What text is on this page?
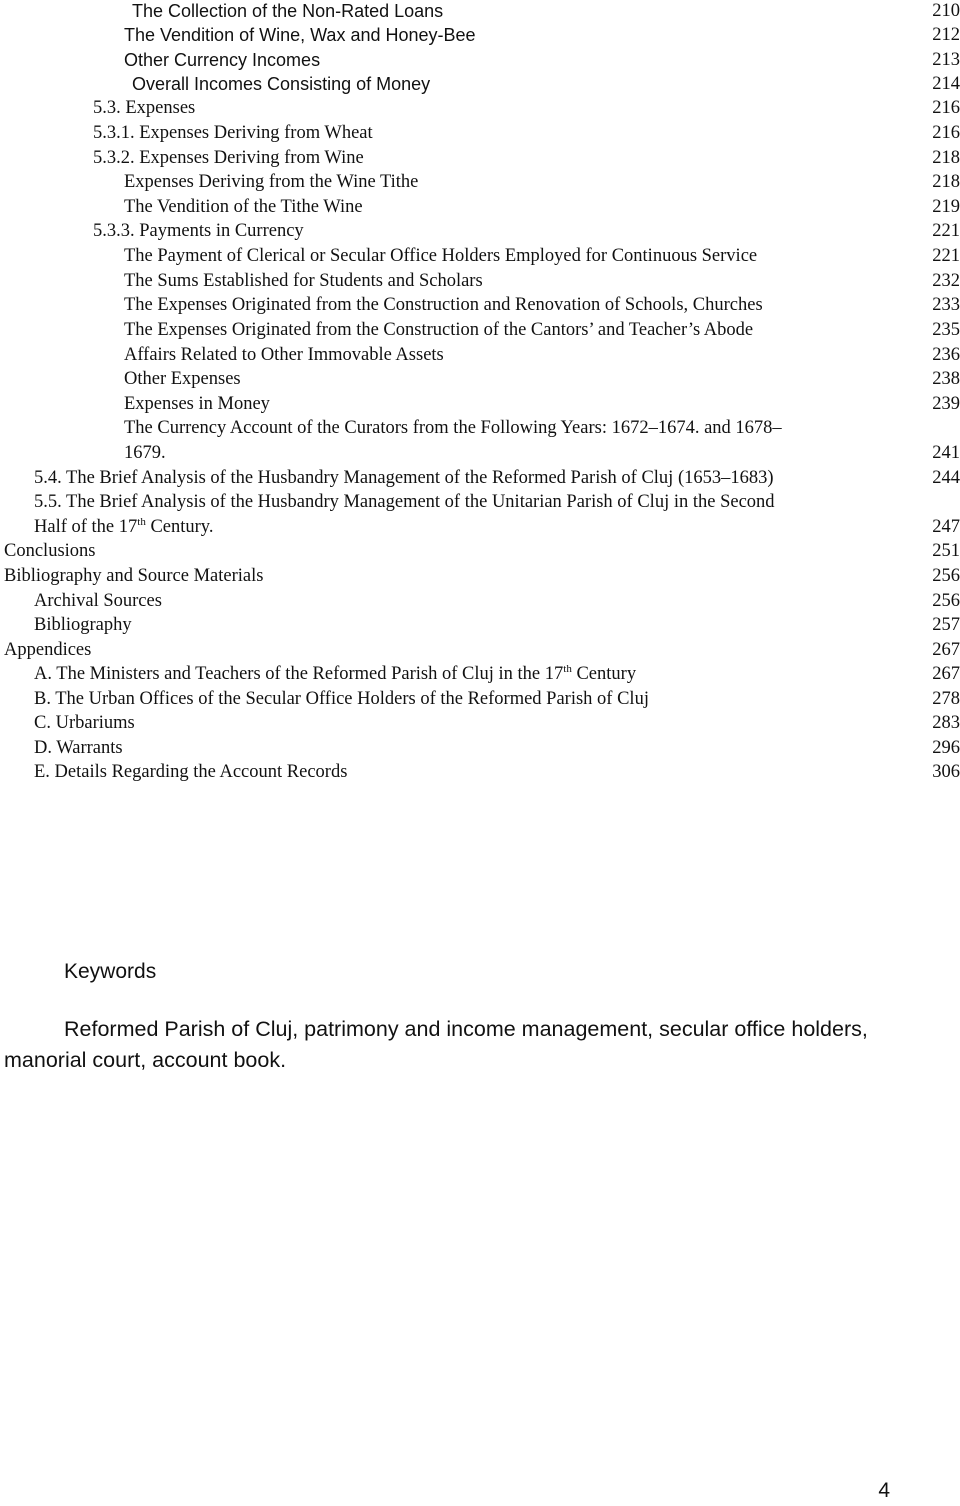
The Collection of the Non-Rated Loans	210
The Vendition of Wine, Wax and Honey-Bee	212
Other Currency Incomes	213
Overall Incomes Consisting of Money	214
5.3. Expenses	216
5.3.1. Expenses Deriving from Wheat	216
5.3.2. Expenses Deriving from Wine	218
Expenses Deriving from the Wine Tithe	218
The Vendition of the Tithe Wine	219
5.3.3. Payments in Currency	221
The Payment of Clerical or Secular Office Holders Employed for Continuous Service	221
The Sums Established for Students and Scholars	232
The Expenses Originated from the Construction and Renovation of Schools, Churches	233
The Expenses Originated from the Construction of the Cantors’ and Teacher’s Abode	235
Affairs Related to Other Immovable Assets	236
Other Expenses	238
Expenses in Money	239
The Currency Account of the Curators from the Following Years: 1672–1674. and 1678–
1679.	241
5.4. The Brief Analysis of the Husbandry Management of the Reformed Parish of Cluj (1653–1683)	244
5.5. The Brief Analysis of the Husbandry Management of the Unitarian Parish of Cluj in the Second
Half of the 17th Century.	247
Conclusions	251
Bibliography and Source Materials	256
Archival Sources	256
Bibliography	257
Appendices	267
A. The Ministers and Teachers of the Reformed Parish of Cluj in the 17th Century	267
B. The Urban Offices of the Secular Office Holders of the Reformed Parish of Cluj	278
C. Urbariums	283
D. Warrants	296
E. Details Regarding the Account Records	306
Keywords

Reformed Parish of Cluj, patrimony and income management, secular office holders, manorial court, account book.

4
